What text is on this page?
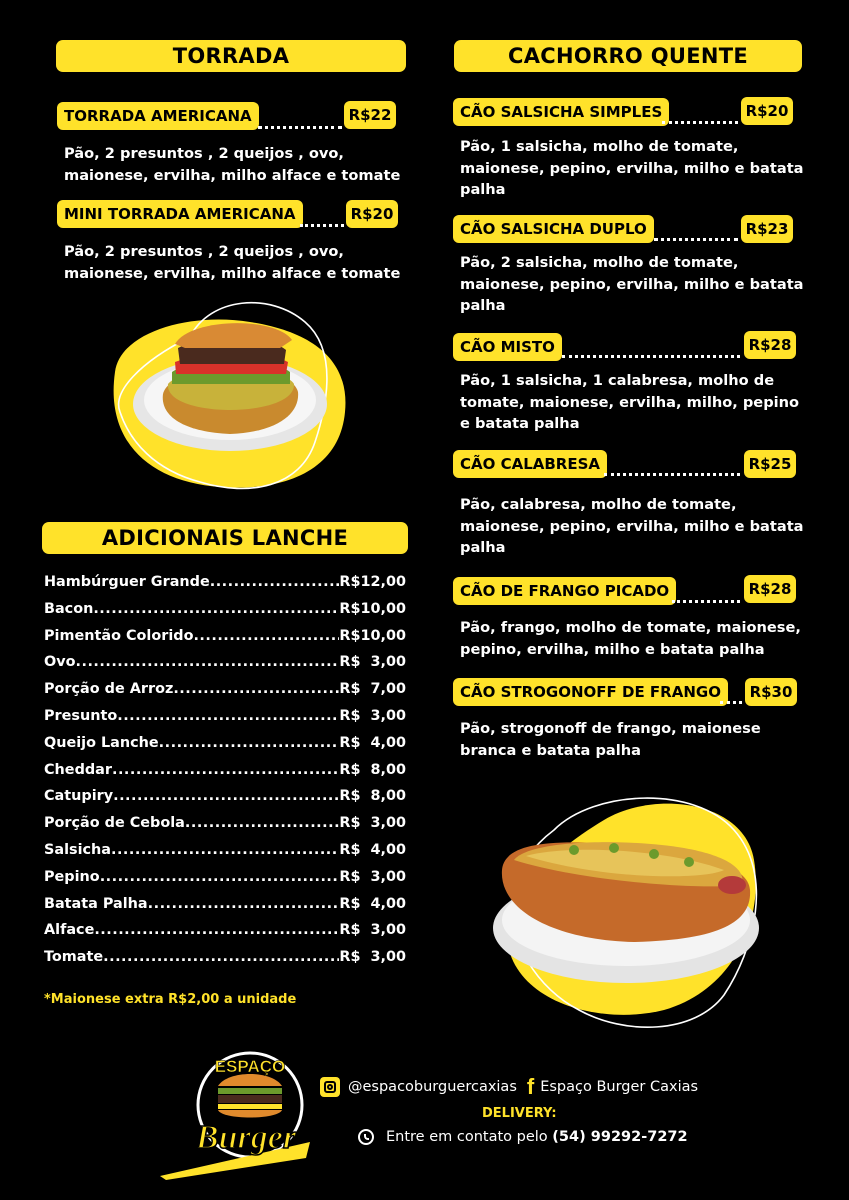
TORRADA
TORRADA AMERICANA	R$22
Pão, 2 presuntos , 2 queijos , ovo,
maionese, ervilha, milho alface e tomate
MINI TORRADA AMERICANA	R$20
Pão, 2 presuntos , 2 queijos , ovo,
maionese, ervilha, milho alface e tomate
ADICIONAIS LANCHE
Hambúrguer Grande .....	R$12,00
Bacon .....	R$10,00
Pimentão Colorido .....	R$10,00
Ovo .....	R$  3,00
Porção de Arroz .....	R$  7,00
Presunto .....	R$  3,00
Queijo Lanche .....	R$  4,00
Cheddar .....	R$  8,00
Catupiry .....	R$  8,00
Porção de Cebola .....	R$  3,00
Salsicha .....	R$  4,00
Pepino .....	R$  3,00
Batata Palha .....	R$  4,00
Alface .....	R$  3,00
Tomate .....	R$  3,00
*Maionese extra R$2,00 a unidade
CACHORRO QUENTE
CÃO SALSICHA SIMPLES	R$20
Pão, 1 salsicha, molho de tomate,
maionese, pepino, ervilha, milho e batata
palha
CÃO SALSICHA DUPLO	R$23
Pão, 2 salsicha, molho de tomate,
maionese, pepino, ervilha, milho e batata
palha
CÃO MISTO	R$28
Pão, 1 salsicha, 1 calabresa, molho de
tomate, maionese, ervilha, milho, pepino
e batata palha
CÃO CALABRESA	R$25
Pão, calabresa, molho de tomate,
maionese, pepino, ervilha, milho e batata
palha
CÃO DE FRANGO PICADO	R$28
Pão, frango, molho de tomate, maionese,
pepino, ervilha, milho e batata palha
CÃO STROGONOFF DE FRANGO	R$30
Pão, strogonoff de frango, maionese
branca e batata palha
ESPAÇO
Burger
@espacoburguercaxias f Espaço Burger Caxias
DELIVERY:
Entre em contato pelo
(54) 99292-7272
